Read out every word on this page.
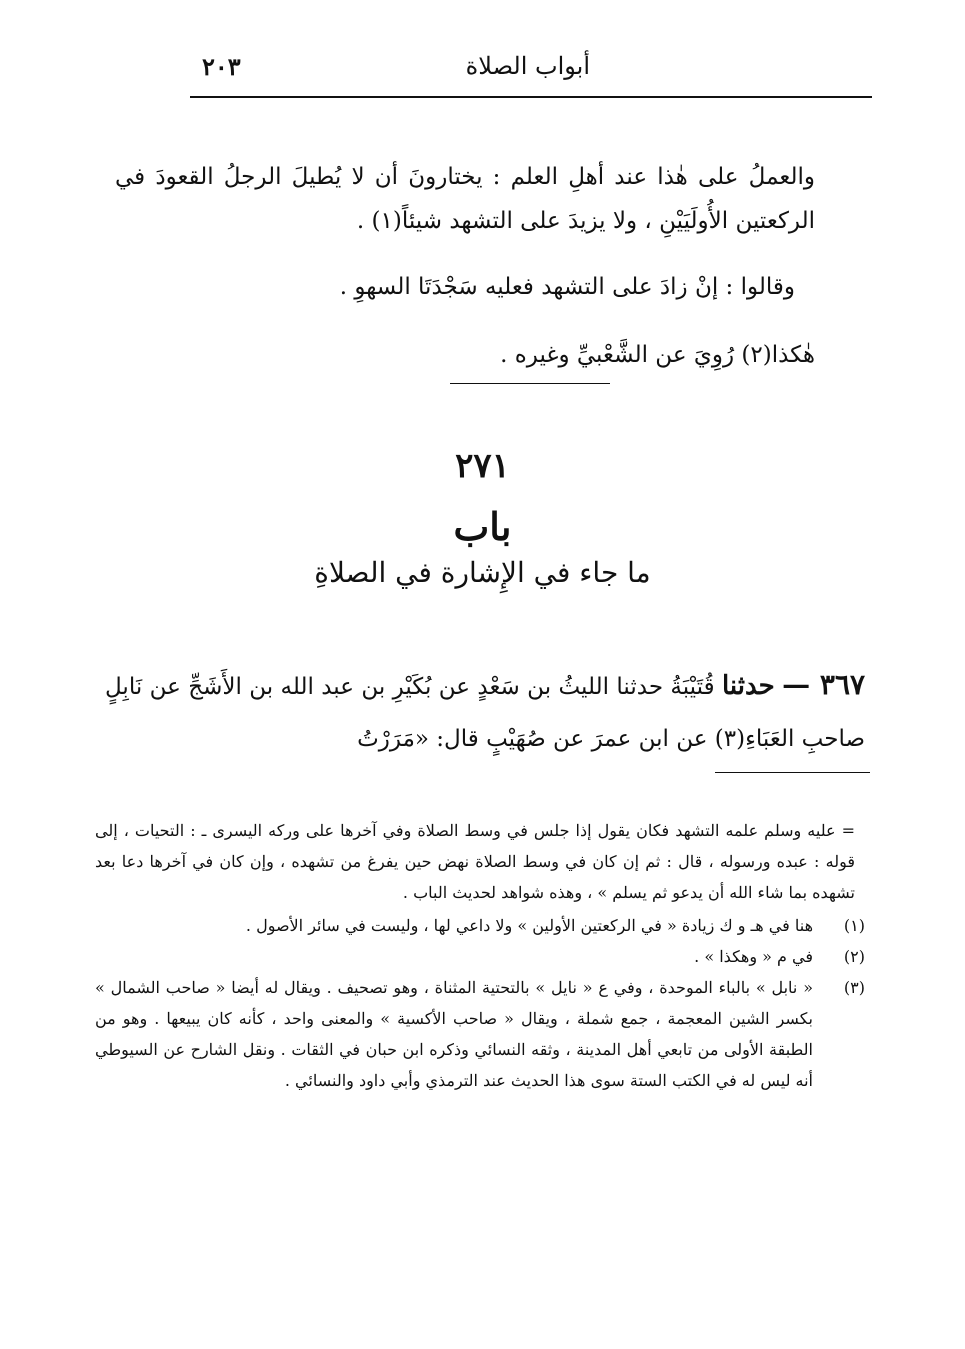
أبواب الصلاة
٢٠٣

والعملُ على هٰذا عند أهلِ العلم : يختارونَ أن لا يُطيلَ الرجلُ القعودَ في الركعتين الأُولَيَيْنِ ، ولا يزيدَ على التشهد شيئاً(١) .

وقالوا : إنْ زادَ على التشهد فعليه سَجْدَتَا السهوِ .

هٰكذا(٢) رُوِيَ عن الشَّعْبيِّ وغيره .

٢٧١
باب
ما جاء في الإِشارة في الصلاةِ

٣٦٧ — حدثنا قُتَيْبَةُ حدثنا الليثُ بن سَعْدٍ عن بُكَيْرِ بن عبد الله بن الأَشَجِّ عن نَابِلٍ صاحبِ العَبَاءِ(٣) عن ابن عمرَ عن صُهَيْبٍ قال: «مَرَرْتُ

= عليه وسلم علمه التشهد فكان يقول إذا جلس في وسط الصلاة وفي آخرها على وركه اليسرى ـ : التحيات ، إلى قوله : عبده ورسوله ، قال : ثم إن كان في وسط الصلاة نهض حين يفرغ من تشهده ، وإن كان في آخرها دعا بعد تشهده بما شاء الله أن يدعو ثم يسلم » ، وهذه شواهد لحديث الباب .

(١)
هنا في هـ و ك زيادة « في الركعتين الأولين » ولا داعي لها ، وليست في سائر الأصول .

(٢)
في م « وهكذا » .

(٣)
« نابل » بالباء الموحدة ، وفي ع « نايل » بالتحتية المثناة ، وهو تصحيف . ويقال له أيضا « صاحب الشمال » بكسر الشين المعجمة ، جمع شملة ، ويقال « صاحب الأكسية » والمعنى واحد ، كأنه كان يبيعها . وهو من الطبقة الأولى من تابعي أهل المدينة ، وثقه النسائي وذكره ابن حبان في الثقات . ونقل الشارح عن السيوطي أنه ليس له في الكتب الستة سوى هذا الحديث عند الترمذي وأبي داود والنسائي .
